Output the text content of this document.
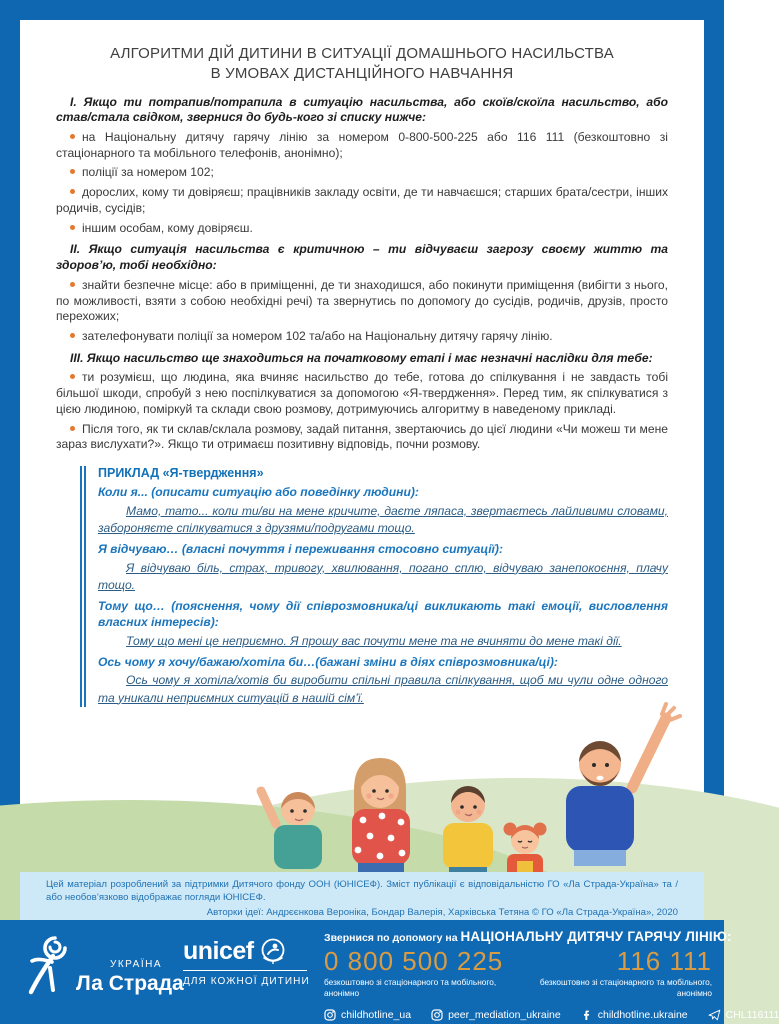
АЛГОРИТМИ ДІЙ ДИТИНИ В СИТУАЦІЇ ДОМАШНЬОГО НАСИЛЬСТВА
В УМОВАХ ДИСТАНЦІЙНОГО НАВЧАННЯ

І. Якщо ти потрапив/потрапила в ситуацію насильства, або скоїв/скоїла насильство, або став/стала свідком, звернися до будь-кого зі списку нижче:

на Національну дитячу гарячу лінію за номером 0-800-500-225 або 116 111 (безкоштовно зі стаціонарного та мобільного телефонів, анонімно);

поліції за номером 102;

дорослих, кому ти довіряєш; працівників закладу освіти, де ти навчаєшся; старших брата/сестри, інших родичів, сусідів;

іншим особам, кому довіряєш.

ІІ. Якщо ситуація насильства є критичною – ти відчуваєш загрозу своєму життю та здоров’ю, тобі необхідно:

знайти безпечне місце: або в приміщенні, де ти знаходишся, або покинути приміщення (вибігти з нього, по можливості, взяти з собою необхідні речі) та звернутись по допомогу до сусідів, родичів, друзів, просто перехожих;

зателефонувати поліції за номером 102 та/або на Національну дитячу гарячу лінію.

ІІІ. Якщо насильство ще знаходиться на початковому етапі і має незначні наслідки для тебе:

ти розумієш, що людина, яка вчиняє насильство до тебе, готова до спілкування і не завдасть тобі більшої шкоди, спробуй з нею поспілкуватися за допомогою «Я-твердження». Перед тим, як спілкуватися з цією людиною, поміркуй та склади свою розмову, дотримуючись алгоритму в наведеному прикладі.

Після того, як ти склав/склала розмову, задай питання, звертаючись до цієї людини «Чи можеш ти мене зараз вислухати?». Якщо ти отримаєш позитивну відповідь, почни розмову.

ПРИКЛАД «Я-твердження»

Коли я... (описати ситуацію або поведінку людини):

Мамо, тато... коли ти/ви на мене кричите, даєте ляпаса, звертаєтесь лайливими словами, забороняєте спілкуватися з друзями/подругами тощо.

Я відчуваю… (власні почуття і переживання стосовно ситуації):

Я відчуваю біль, страх, тривогу, хвилювання, погано сплю, відчуваю занепокоєння, плачу тощо.

Тому що… (пояснення, чому дії співрозмовника/ці викликають такі емоції, висловлення власних інтересів):

Тому що мені це неприємно. Я прошу вас почути мене та не вчиняти до мене такі дії.

Ось чому я хочу/бажаю/хотіла би…(бажані зміни в діях співрозмовника/ці):

Ось чому я хотіла/хотів би виробити спільні правила спілкування, щоб ми чули одне одного та уникали неприємних ситуацій в нашій сім’ї.

Цей матеріал розроблений за підтримки Дитячого фонду ООН (ЮНІСЕФ). Зміст публікації є відповідальністю ГО «Ла Страда-Україна» та / або необов’язково відображає погляди ЮНІСЕФ.
Авторки ідеї: Андрєєнкова Вероніка, Бондар Валерія, Харківська Тетяна © ГО «Ла Страда-Україна», 2020
УКРАЇНА
Ла Страда
unicef
ДЛЯ КОЖНОЇ ДИТИНИ
Звернися по допомогу на НАЦІОНАЛЬНУ ДИТЯЧУ ГАРЯЧУ ЛІНІЮ:
0 800 500 225	116 111
безкоштовно зі стаціонарного та мобільного, анонімно
безкоштовно зі стаціонарного та мобільного, анонімно
childhotline_ua	peer_mediation_ukraine	childhotline.ukraine	CHL116111
